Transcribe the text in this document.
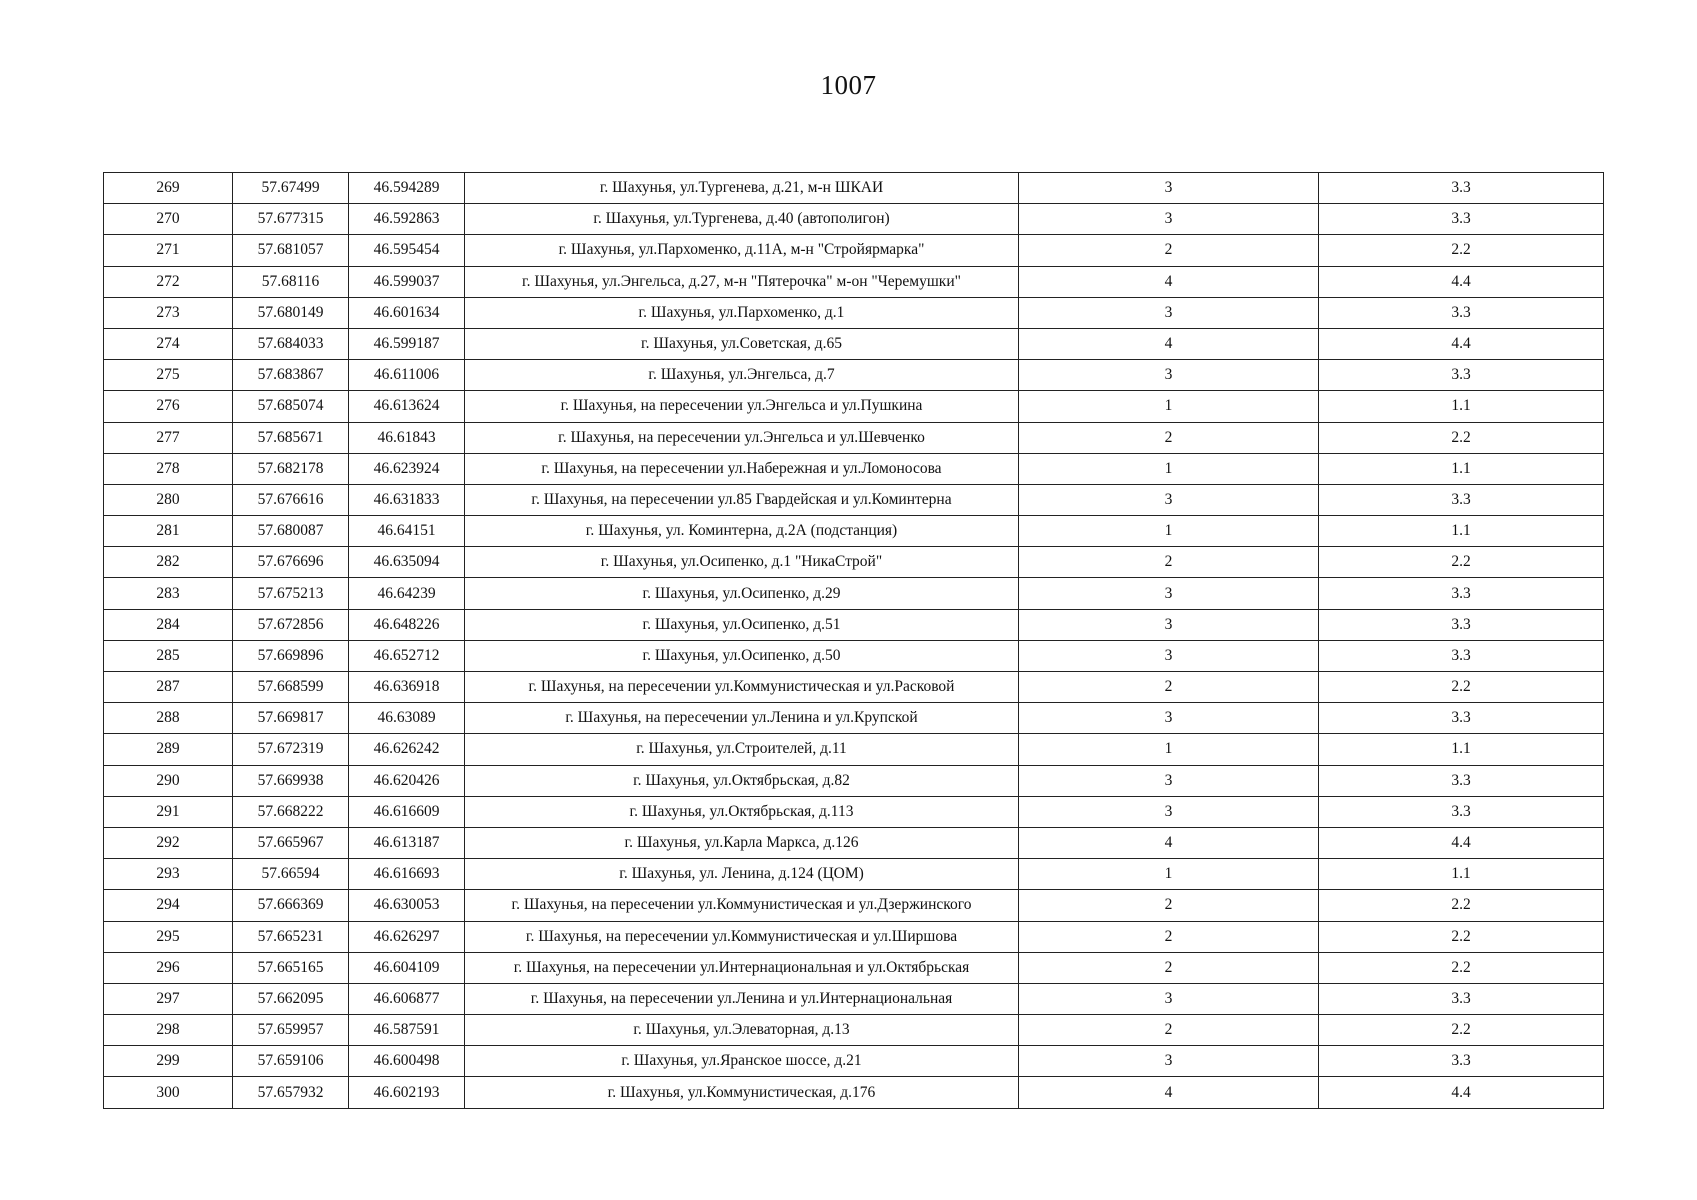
1007
269	57.67499	46.594289	г. Шахунья, ул.Тургенева, д.21, м-н ШКАИ	3	3.3
270	57.677315	46.592863	г. Шахунья, ул.Тургенева, д.40 (автополигон)	3	3.3
271	57.681057	46.595454	г. Шахунья, ул.Пархоменко, д.11А, м-н "Стройярмарка"	2	2.2
272	57.68116	46.599037	г. Шахунья, ул.Энгельса, д.27, м-н "Пятерочка" м-он "Черемушки"	4	4.4
273	57.680149	46.601634	г. Шахунья, ул.Пархоменко, д.1	3	3.3
274	57.684033	46.599187	г. Шахунья, ул.Советская, д.65	4	4.4
275	57.683867	46.611006	г. Шахунья, ул.Энгельса, д.7	3	3.3
276	57.685074	46.613624	г. Шахунья, на пересечении ул.Энгельса и ул.Пушкина	1	1.1
277	57.685671	46.61843	г. Шахунья, на пересечении ул.Энгельса и ул.Шевченко	2	2.2
278	57.682178	46.623924	г. Шахунья, на пересечении ул.Набережная и ул.Ломоносова	1	1.1
280	57.676616	46.631833	г. Шахунья, на пересечении ул.85 Гвардейская и ул.Коминтерна	3	3.3
281	57.680087	46.64151	г. Шахунья, ул. Коминтерна, д.2А (подстанция)	1	1.1
282	57.676696	46.635094	г. Шахунья, ул.Осипенко, д.1 "НикаСтрой"	2	2.2
283	57.675213	46.64239	г. Шахунья, ул.Осипенко, д.29	3	3.3
284	57.672856	46.648226	г. Шахунья, ул.Осипенко, д.51	3	3.3
285	57.669896	46.652712	г. Шахунья, ул.Осипенко, д.50	3	3.3
287	57.668599	46.636918	г. Шахунья, на пересечении ул.Коммунистическая и ул.Расковой	2	2.2
288	57.669817	46.63089	г. Шахунья, на пересечении ул.Ленина и ул.Крупской	3	3.3
289	57.672319	46.626242	г. Шахунья, ул.Строителей, д.11	1	1.1
290	57.669938	46.620426	г. Шахунья, ул.Октябрьская, д.82	3	3.3
291	57.668222	46.616609	г. Шахунья, ул.Октябрьская, д.113	3	3.3
292	57.665967	46.613187	г. Шахунья, ул.Карла Маркса, д.126	4	4.4
293	57.66594	46.616693	г. Шахунья, ул. Ленина, д.124 (ЦОМ)	1	1.1
294	57.666369	46.630053	г. Шахунья, на пересечении ул.Коммунистическая и ул.Дзержинского	2	2.2
295	57.665231	46.626297	г. Шахунья, на пересечении ул.Коммунистическая и ул.Ширшова	2	2.2
296	57.665165	46.604109	г. Шахунья, на пересечении ул.Интернациональная и ул.Октябрьская	2	2.2
297	57.662095	46.606877	г. Шахунья, на пересечении ул.Ленина и ул.Интернациональная	3	3.3
298	57.659957	46.587591	г. Шахунья, ул.Элеваторная, д.13	2	2.2
299	57.659106	46.600498	г. Шахунья, ул.Яранское шоссе, д.21	3	3.3
300	57.657932	46.602193	г. Шахунья, ул.Коммунистическая, д.176	4	4.4
